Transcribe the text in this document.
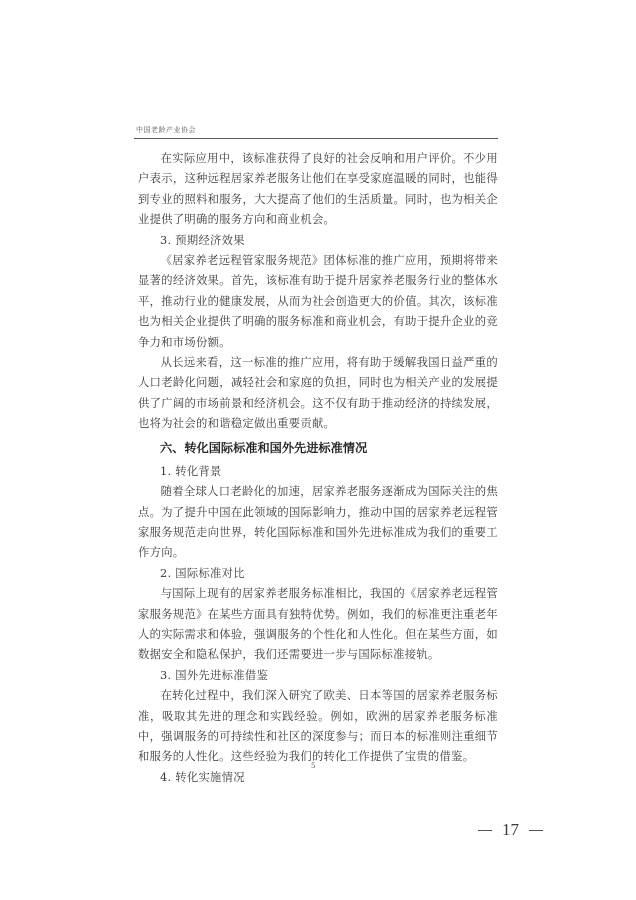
中国老龄产业协会

在实际应用中，该标准获得了良好的社会反响和用户评价。不少用户表示，这种远程居家养老服务让他们在享受家庭温暖的同时，也能得到专业的照料和服务，大大提高了他们的生活质量。同时，也为相关企业提供了明确的服务方向和商业机会。

3. 预期经济效果

《居家养老远程管家服务规范》团体标准的推广应用，预期将带来显著的经济效果。首先，该标准有助于提升居家养老服务行业的整体水平，推动行业的健康发展，从而为社会创造更大的价值。其次，该标准也为相关企业提供了明确的服务标准和商业机会，有助于提升企业的竞争力和市场份额。

从长远来看，这一标准的推广应用，将有助于缓解我国日益严重的人口老龄化问题，减轻社会和家庭的负担，同时也为相关产业的发展提供了广阔的市场前景和经济机会。这不仅有助于推动经济的持续发展，也将为社会的和谐稳定做出重要贡献。

六、转化国际标准和国外先进标准情况

1. 转化背景

随着全球人口老龄化的加速，居家养老服务逐渐成为国际关注的焦点。为了提升中国在此领域的国际影响力，推动中国的居家养老远程管家服务规范走向世界，转化国际标准和国外先进标准成为我们的重要工作方向。

2. 国际标准对比

与国际上现有的居家养老服务标准相比，我国的《居家养老远程管家服务规范》在某些方面具有独特优势。例如，我们的标准更注重老年人的实际需求和体验，强调服务的个性化和人性化。但在某些方面，如数据安全和隐私保护，我们还需要进一步与国际标准接轨。

3. 国外先进标准借鉴

在转化过程中，我们深入研究了欧美、日本等国的居家养老服务标准，吸取其先进的理念和实践经验。例如，欧洲的居家养老服务标准中，强调服务的可持续性和社区的深度参与；而日本的标准则注重细节和服务的人性化。这些经验为我们的转化工作提供了宝贵的借鉴。

4. 转化实施情况

5
17
